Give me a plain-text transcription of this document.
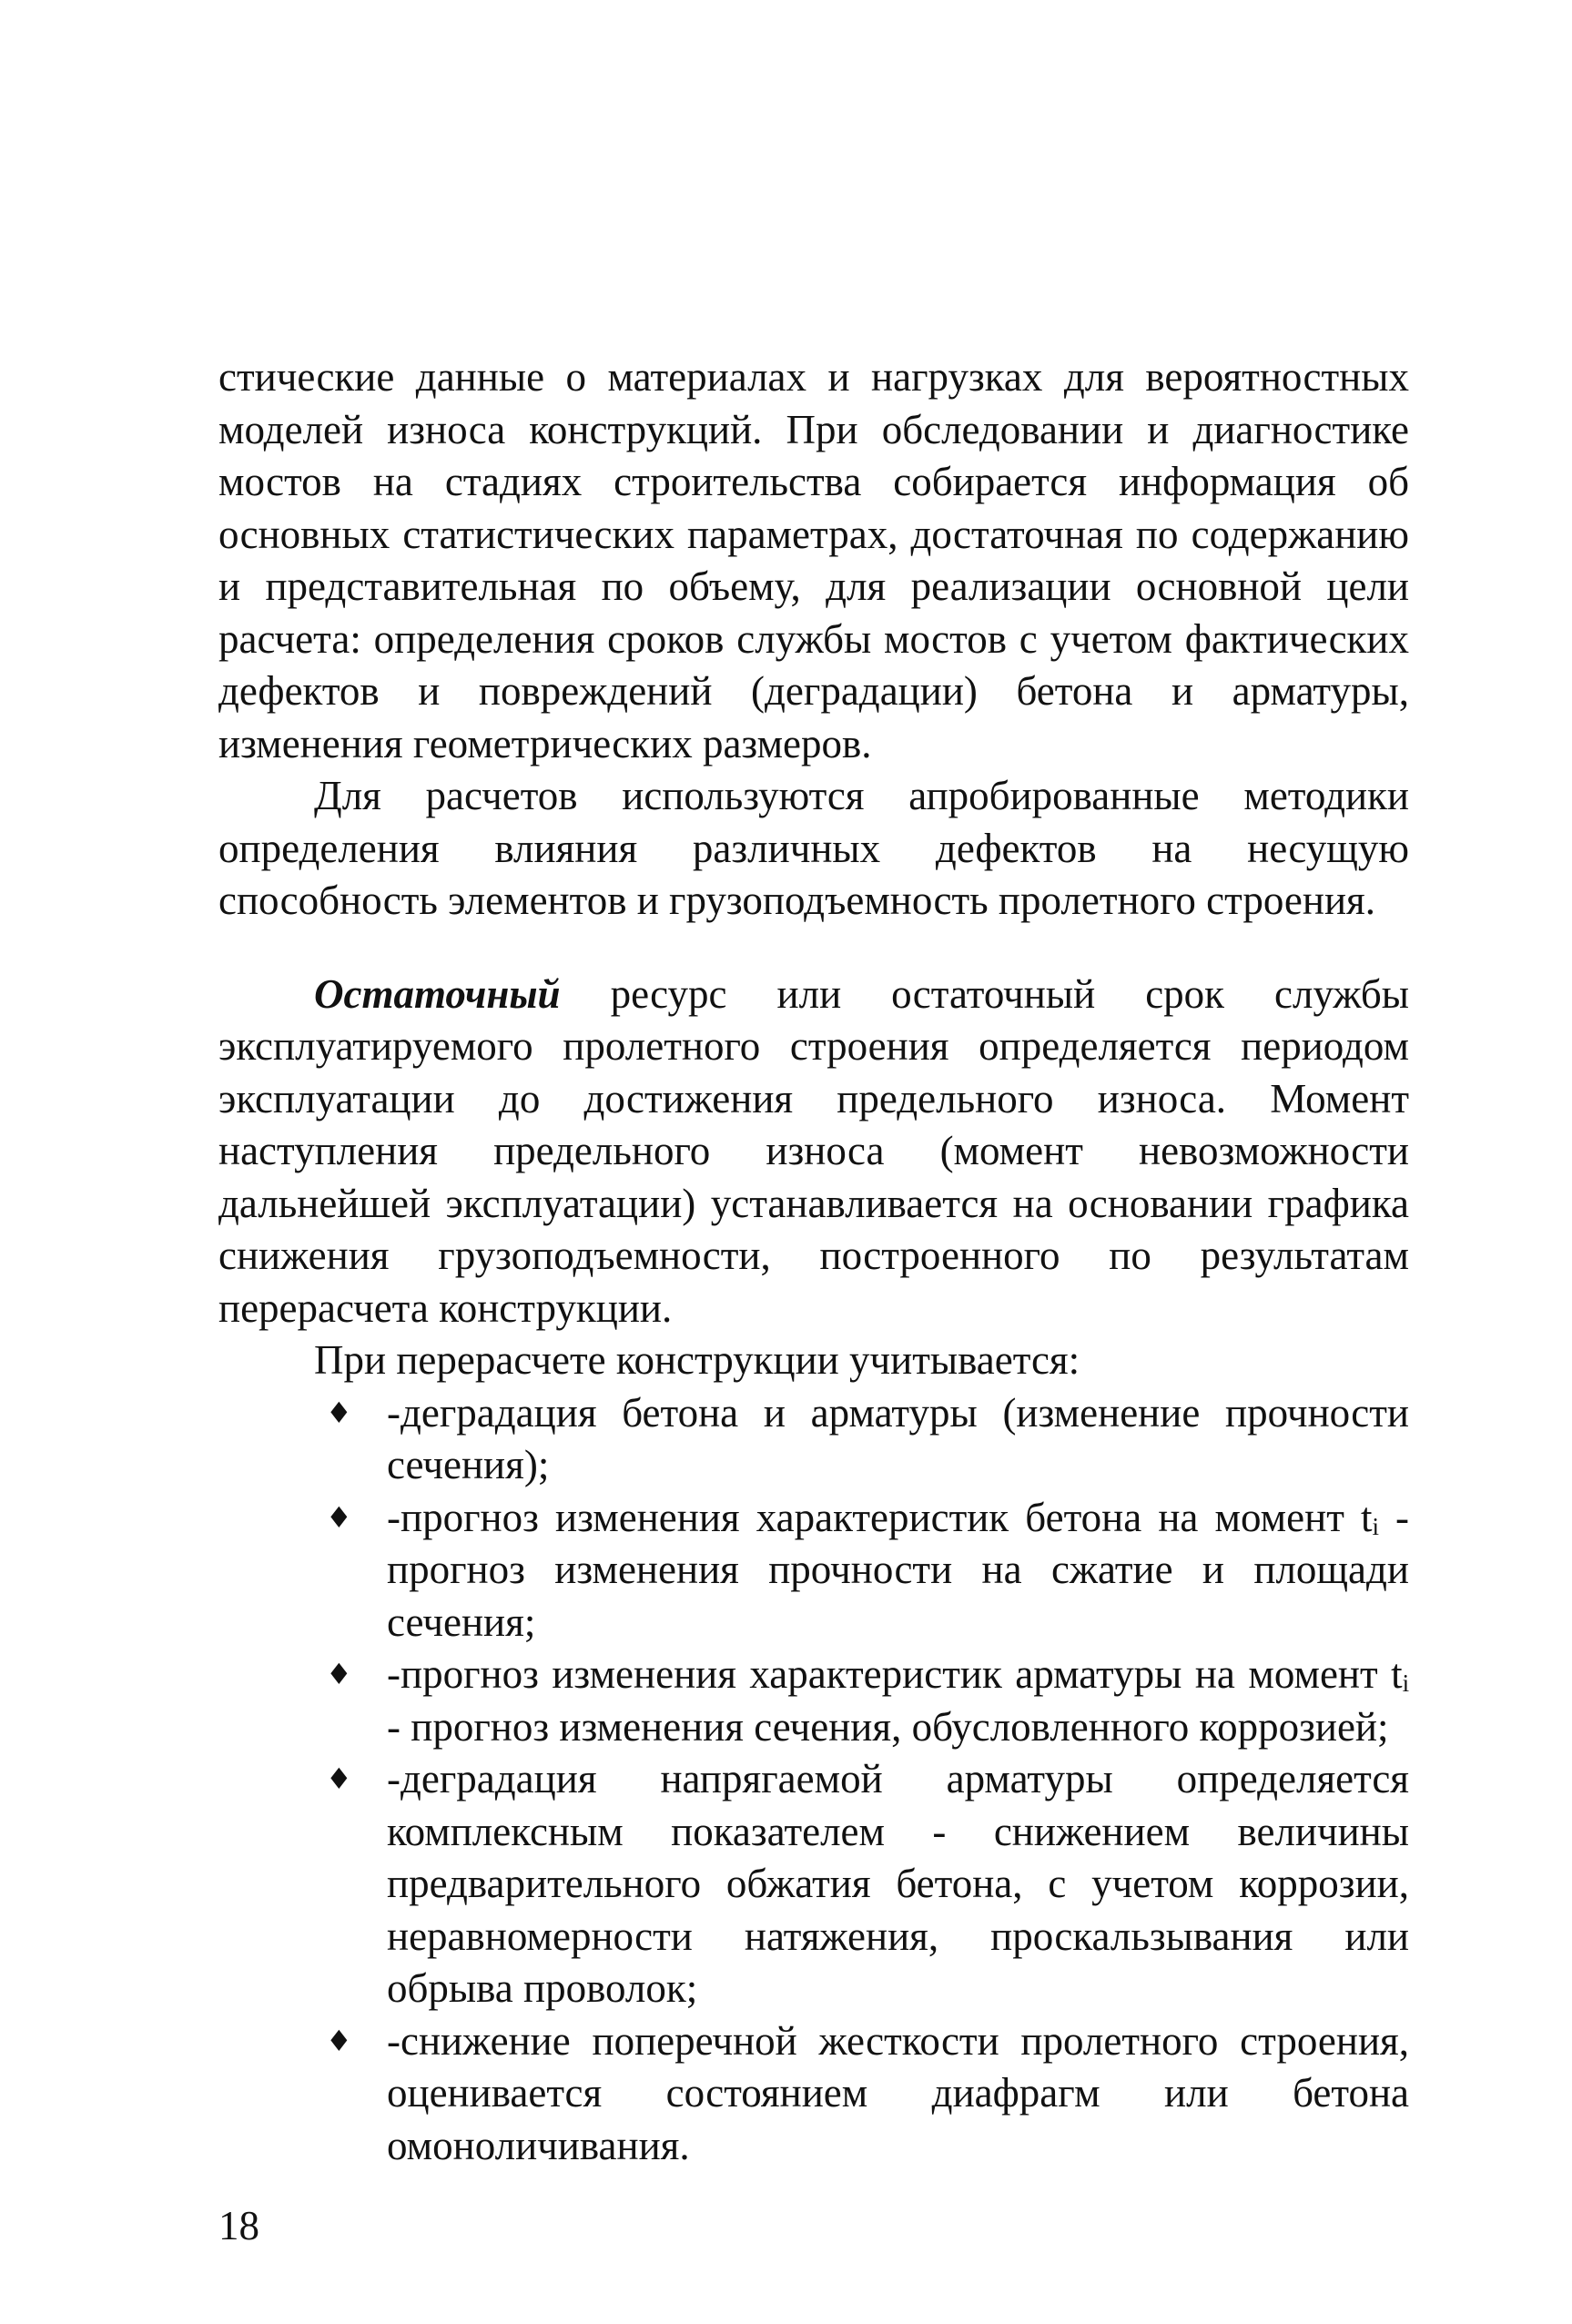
стические данные о материалах и нагрузках для вероятностных моделей износа конструкций. При обследовании и диагностике мостов на стадиях строительства собирается информация об основных статистических параметрах, достаточная по содержанию и представительная по объему, для реализации основной цели расчета: определения сроков службы мостов с учетом фактических дефектов и повреждений (деградации) бетона и арматуры, изменения геометрических размеров.

Для расчетов используются апробированные методики определения влияния различных дефектов на несущую способность элементов и грузоподъемность пролетного строения.

Остаточный ресурс или остаточный срок службы эксплуатируемого пролетного строения определяется периодом эксплуатации до достижения предельного износа. Момент наступления предельного износа (момент невозможности дальнейшей эксплуатации) устанавливается на основании графика снижения грузоподъемности, построенного по результатам перерасчета конструкции.

При перерасчете конструкции учитывается:

♦ -деградация бетона и арматуры (изменение прочности сечения);
♦ -прогноз изменения характеристик бетона на момент tᵢ - прогноз изменения прочности на сжатие и площади сечения;
♦ -прогноз изменения характеристик арматуры на момент tᵢ - прогноз изменения сечения, обусловленного коррозией;
♦ -деградация напрягаемой арматуры определяется комплексным показателем - снижением величины предварительного обжатия бетона, с учетом коррозии, неравномерности натяжения, проскальзывания или обрыва проволок;
♦ -снижение поперечной жесткости пролетного строения, оценивается состоянием диафрагм или бетона омоноличивания.
18
